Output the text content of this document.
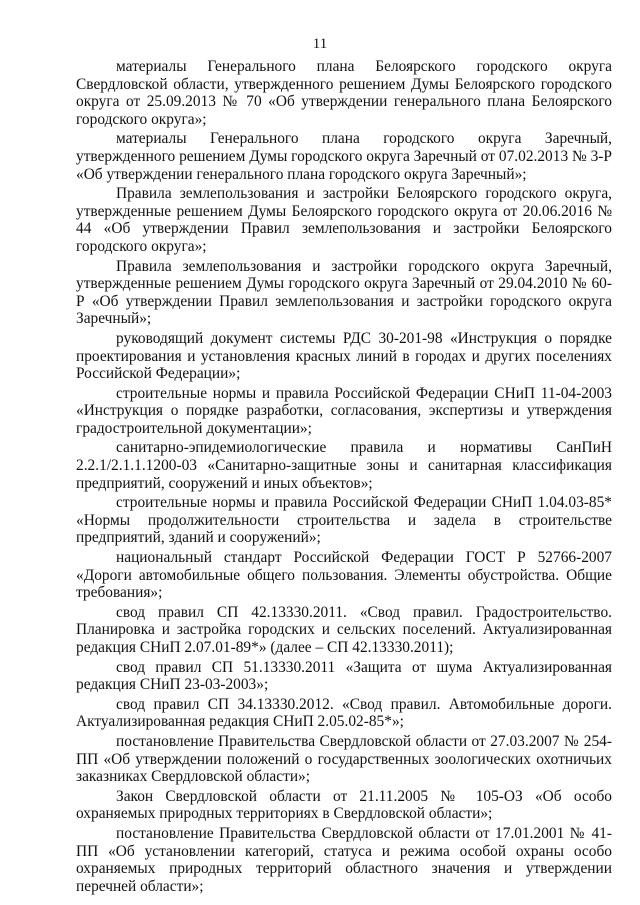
11

материалы Генерального плана Белоярского городского округа Свердловской области, утвержденного решением Думы Белоярского городского округа от 25.09.2013 № 70 «Об утверждении генерального плана Белоярского городского округа»;

материалы Генерального плана городского округа Заречный, утвержденного решением Думы городского округа Заречный от 07.02.2013 № 3-Р «Об утверждении генерального плана городского округа Заречный»;

Правила землепользования и застройки Белоярского городского округа, утвержденные решением Думы Белоярского городского округа от 20.06.2016 № 44 «Об утверждении Правил землепользования и застройки Белоярского городского округа»;

Правила землепользования и застройки городского округа Заречный, утвержденные решением Думы городского округа Заречный от 29.04.2010 № 60-Р «Об утверждении Правил землепользования и застройки городского округа Заречный»;

руководящий документ системы РДС 30-201-98 «Инструкция о порядке проектирования и установления красных линий в городах и других поселениях Российской Федерации»;

строительные нормы и правила Российской Федерации СНиП 11-04-2003 «Инструкция о порядке разработки, согласования, экспертизы и утверждения градостроительной документации»;

санитарно-эпидемиологические правила и нормативы СанПиН 2.2.1/2.1.1.1200-03 «Санитарно-защитные зоны и санитарная классификация предприятий, сооружений и иных объектов»;

строительные нормы и правила Российской Федерации СНиП 1.04.03-85* «Нормы продолжительности строительства и задела в строительстве предприятий, зданий и сооружений»;

национальный стандарт Российской Федерации ГОСТ Р 52766-2007 «Дороги автомобильные общего пользования. Элементы обустройства. Общие требования»;

свод правил СП 42.13330.2011. «Свод правил. Градостроительство. Планировка и застройка городских и сельских поселений. Актуализированная редакция СНиП 2.07.01-89*» (далее – СП 42.13330.2011);

свод правил СП 51.13330.2011 «Защита от шума Актуализированная редакция СНиП 23-03-2003»;

свод правил СП 34.13330.2012. «Свод правил. Автомобильные дороги. Актуализированная редакция СНиП 2.05.02-85*»;

постановление Правительства Свердловской области от 27.03.2007 № 254-ПП «Об утверждении положений о государственных зоологических охотничьих заказниках Свердловской области»;

Закон Свердловской области от 21.11.2005 № 105-ОЗ «Об особо охраняемых природных территориях в Свердловской области»;

постановление Правительства Свердловской области от 17.01.2001 № 41-ПП «Об установлении категорий, статуса и режима особой охраны особо охраняемых природных территорий областного значения и утверждении перечней области»;
